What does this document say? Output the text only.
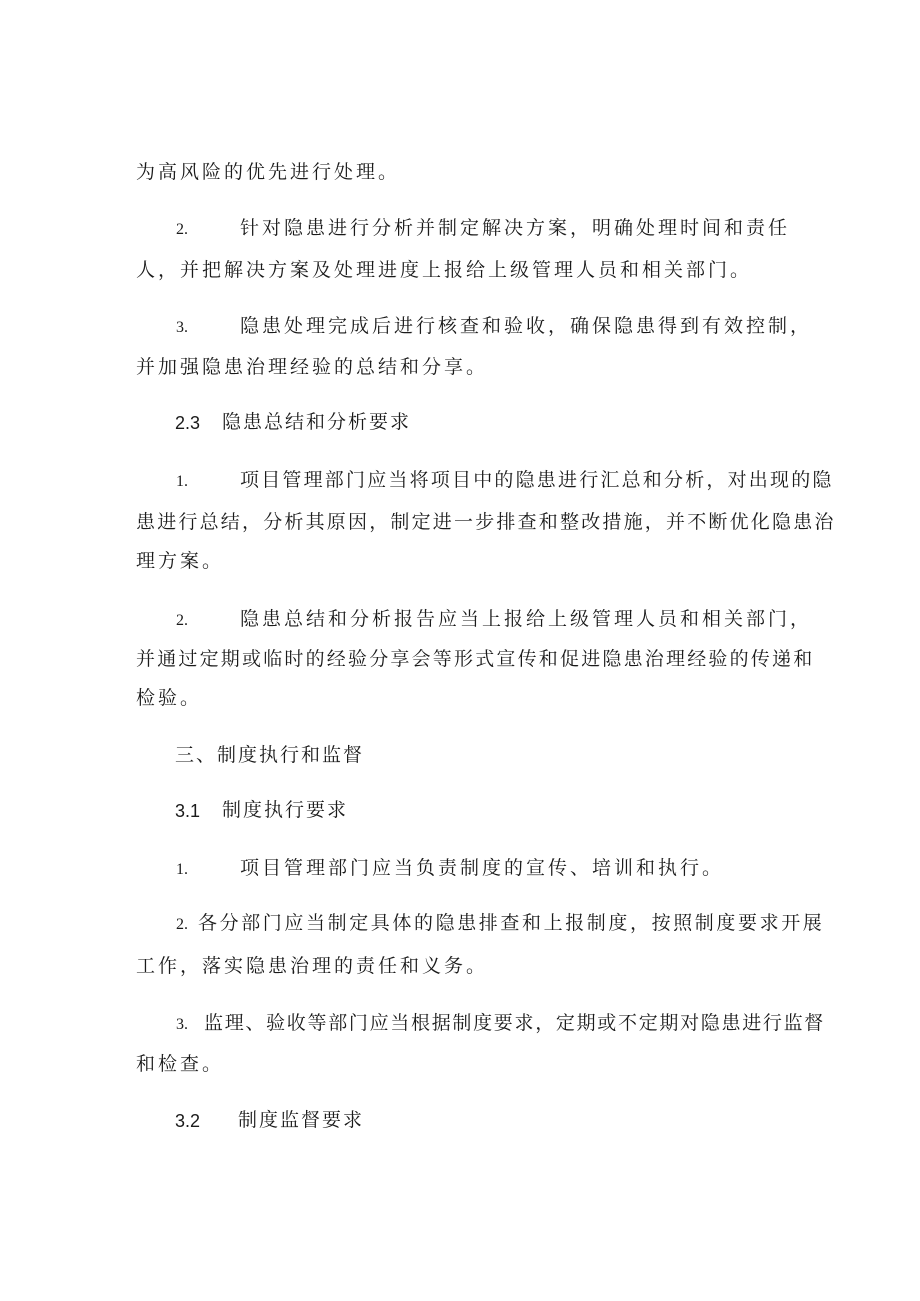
为高风险的优先进行处理。
2.	针对隐患进行分析并制定解决方案，明确处理时间和责任
人，并把解决方案及处理进度上报给上级管理人员和相关部门。
3.	隐患处理完成后进行核查和验收，确保隐患得到有效控制，
并加强隐患治理经验的总结和分享。
2.3 隐患总结和分析要求
1.	项目管理部门应当将项目中的隐患进行汇总和分析，对出现的隐
患进行总结，分析其原因，制定进一步排查和整改措施，并不断优化隐患治
理方案。
2.	隐患总结和分析报告应当上报给上级管理人员和相关部门，
并通过定期或临时的经验分享会等形式宣传和促进隐患治理经验的传递和
检验。
三、制度执行和监督
3.1 制度执行要求
1.	项目管理部门应当负责制度的宣传、培训和执行。
2. 各分部门应当制定具体的隐患排查和上报制度，按照制度要求开展
工作，落实隐患治理的责任和义务。
3. 监理、验收等部门应当根据制度要求，定期或不定期对隐患进行监督
和检查。
3.2 制度监督要求
